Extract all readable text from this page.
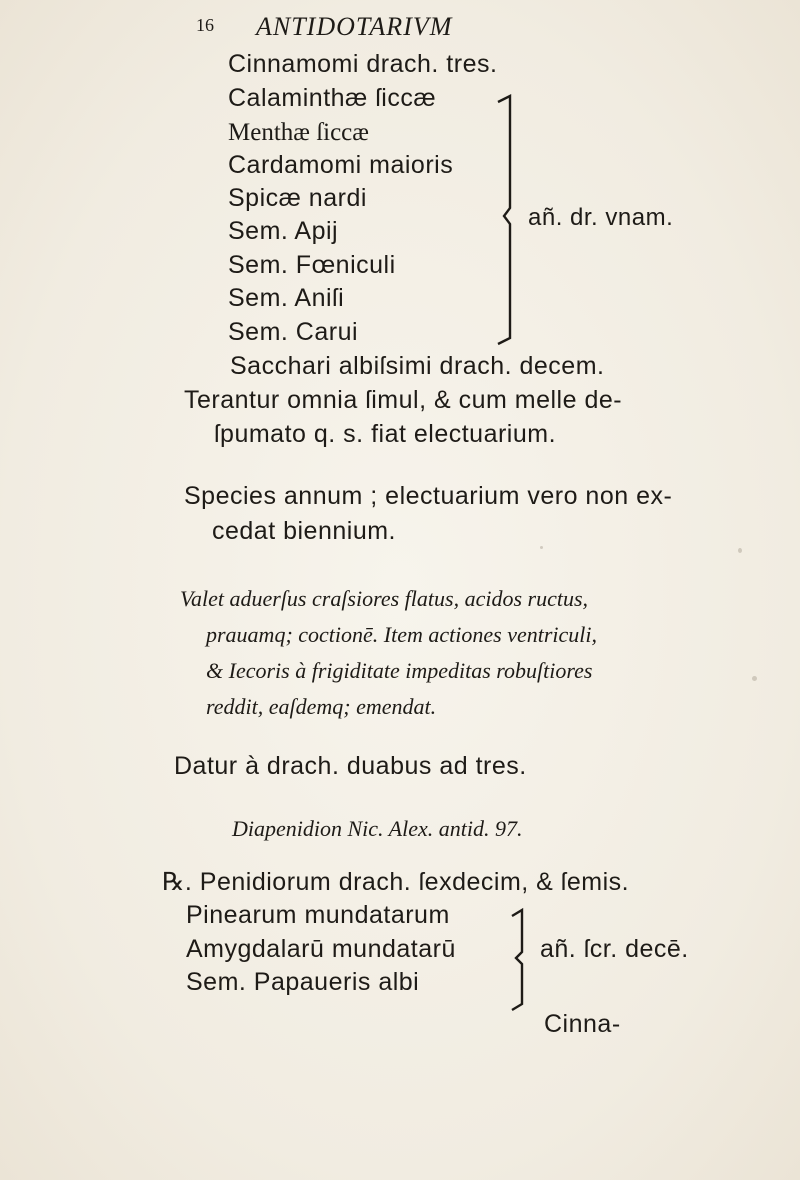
16 ANTIDOTARIVM
Cinnamomi drach. tres.
Calaminthæ ſiccæ
Menthæ ſiccæ
Cardamomi maioris
Spicæ nardi
Sem. Apij
Sem. Fœniculi
Sem. Aniſi
Sem. Carui
añ. dr. vnam.
Sacchari albiſsimi drach. decem.
Terantur omnia ſimul, & cum melle de-
ſpumato q. s. fiat electuarium.
Species annum ; electuarium vero non ex-
cedat biennium.
Valet aduerſus craſsiores flatus, acidos ructus,
prauamq; coctionē. Item actiones ventriculi,
& Iecoris à frigiditate impeditas robuſtiores
reddit, eaſdemq; emendat.
Datur à drach. duabus ad tres.
Diapenidion Nic. Alex. antid. 97.
℞. Penidiorum drach. ſexdecim, & ſemis.
Pinearum mundatarum
Amygdalarū mundatarū
Sem. Papaueris albi
añ. ſcr. decē.
Cinna-
